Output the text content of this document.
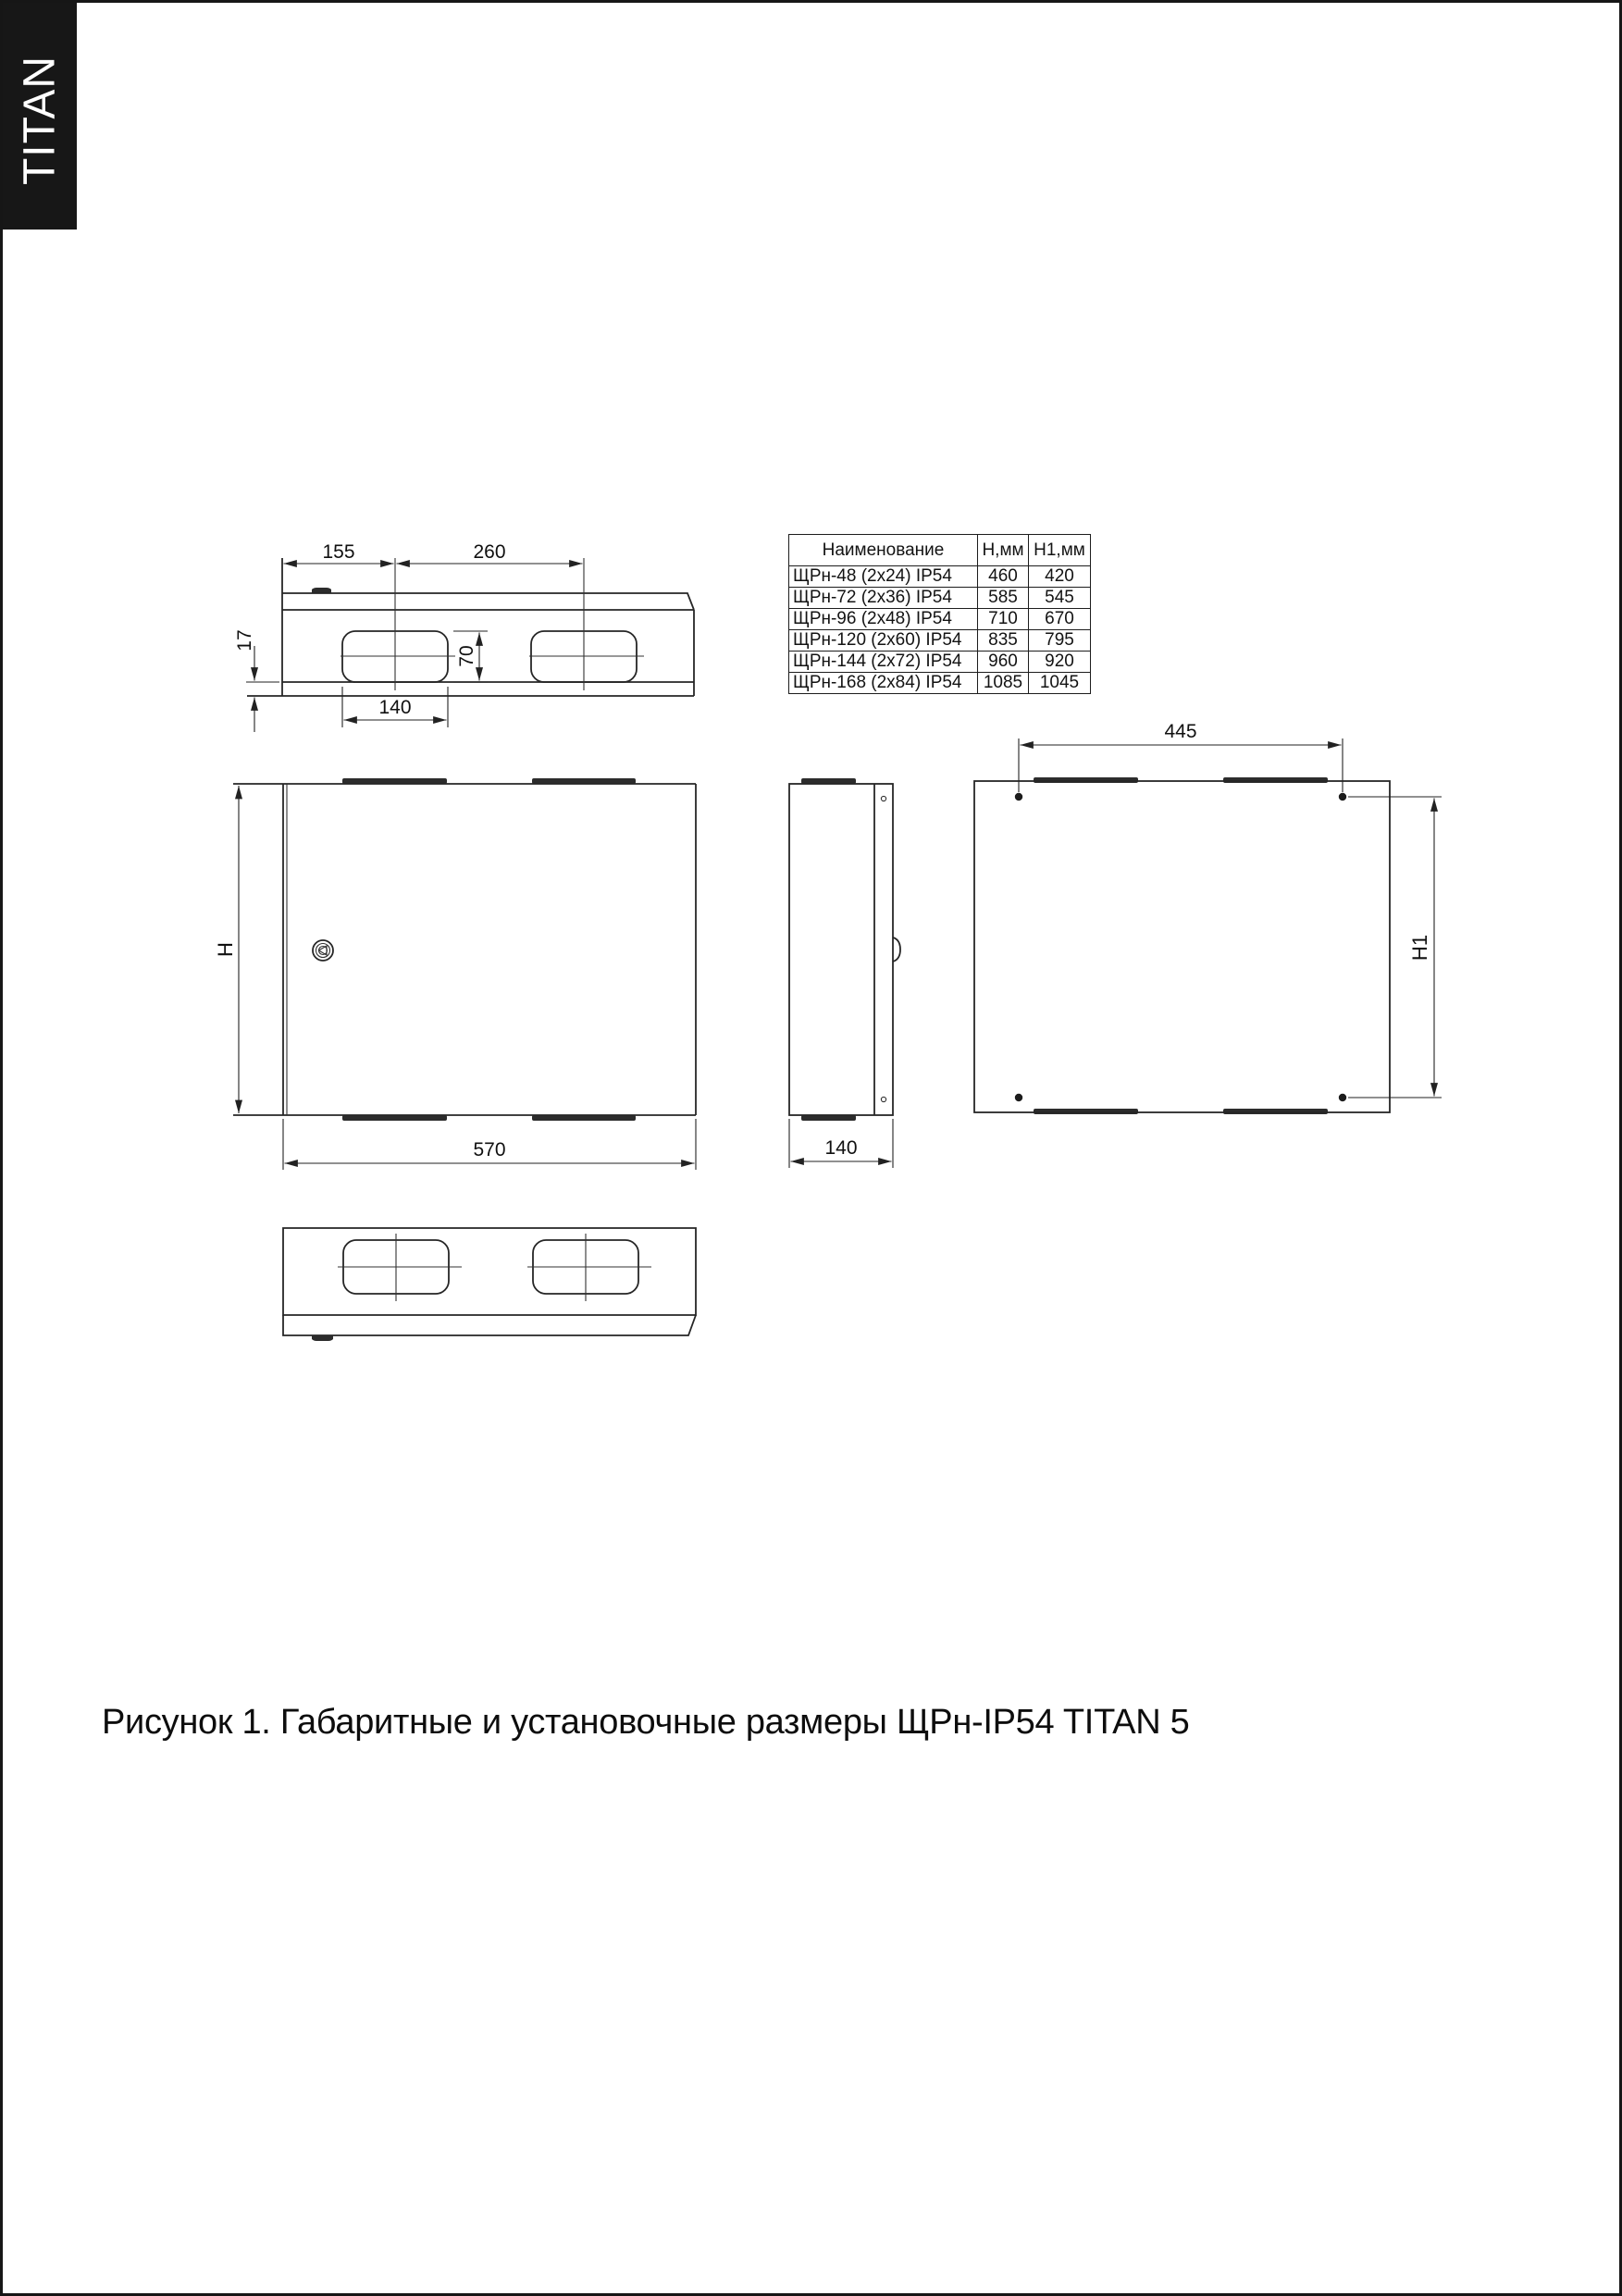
TITAN
155	260
17
70
140
H
570	140
445
H1
Наименование	Н,мм	Н1,мм
ЩРн-48 (2х24) IP54	460	420
ЩРн-72 (2х36) IP54	585	545
ЩРн-96 (2х48) IP54	710	670
ЩРн-120 (2х60) IP54	835	795
ЩРн-144 (2х72) IP54	960	920
ЩРн-168 (2х84) IP54	1085	1045
Рисунок 1. Габаритные и установочные размеры ЩРн-IP54 TITAN 5
